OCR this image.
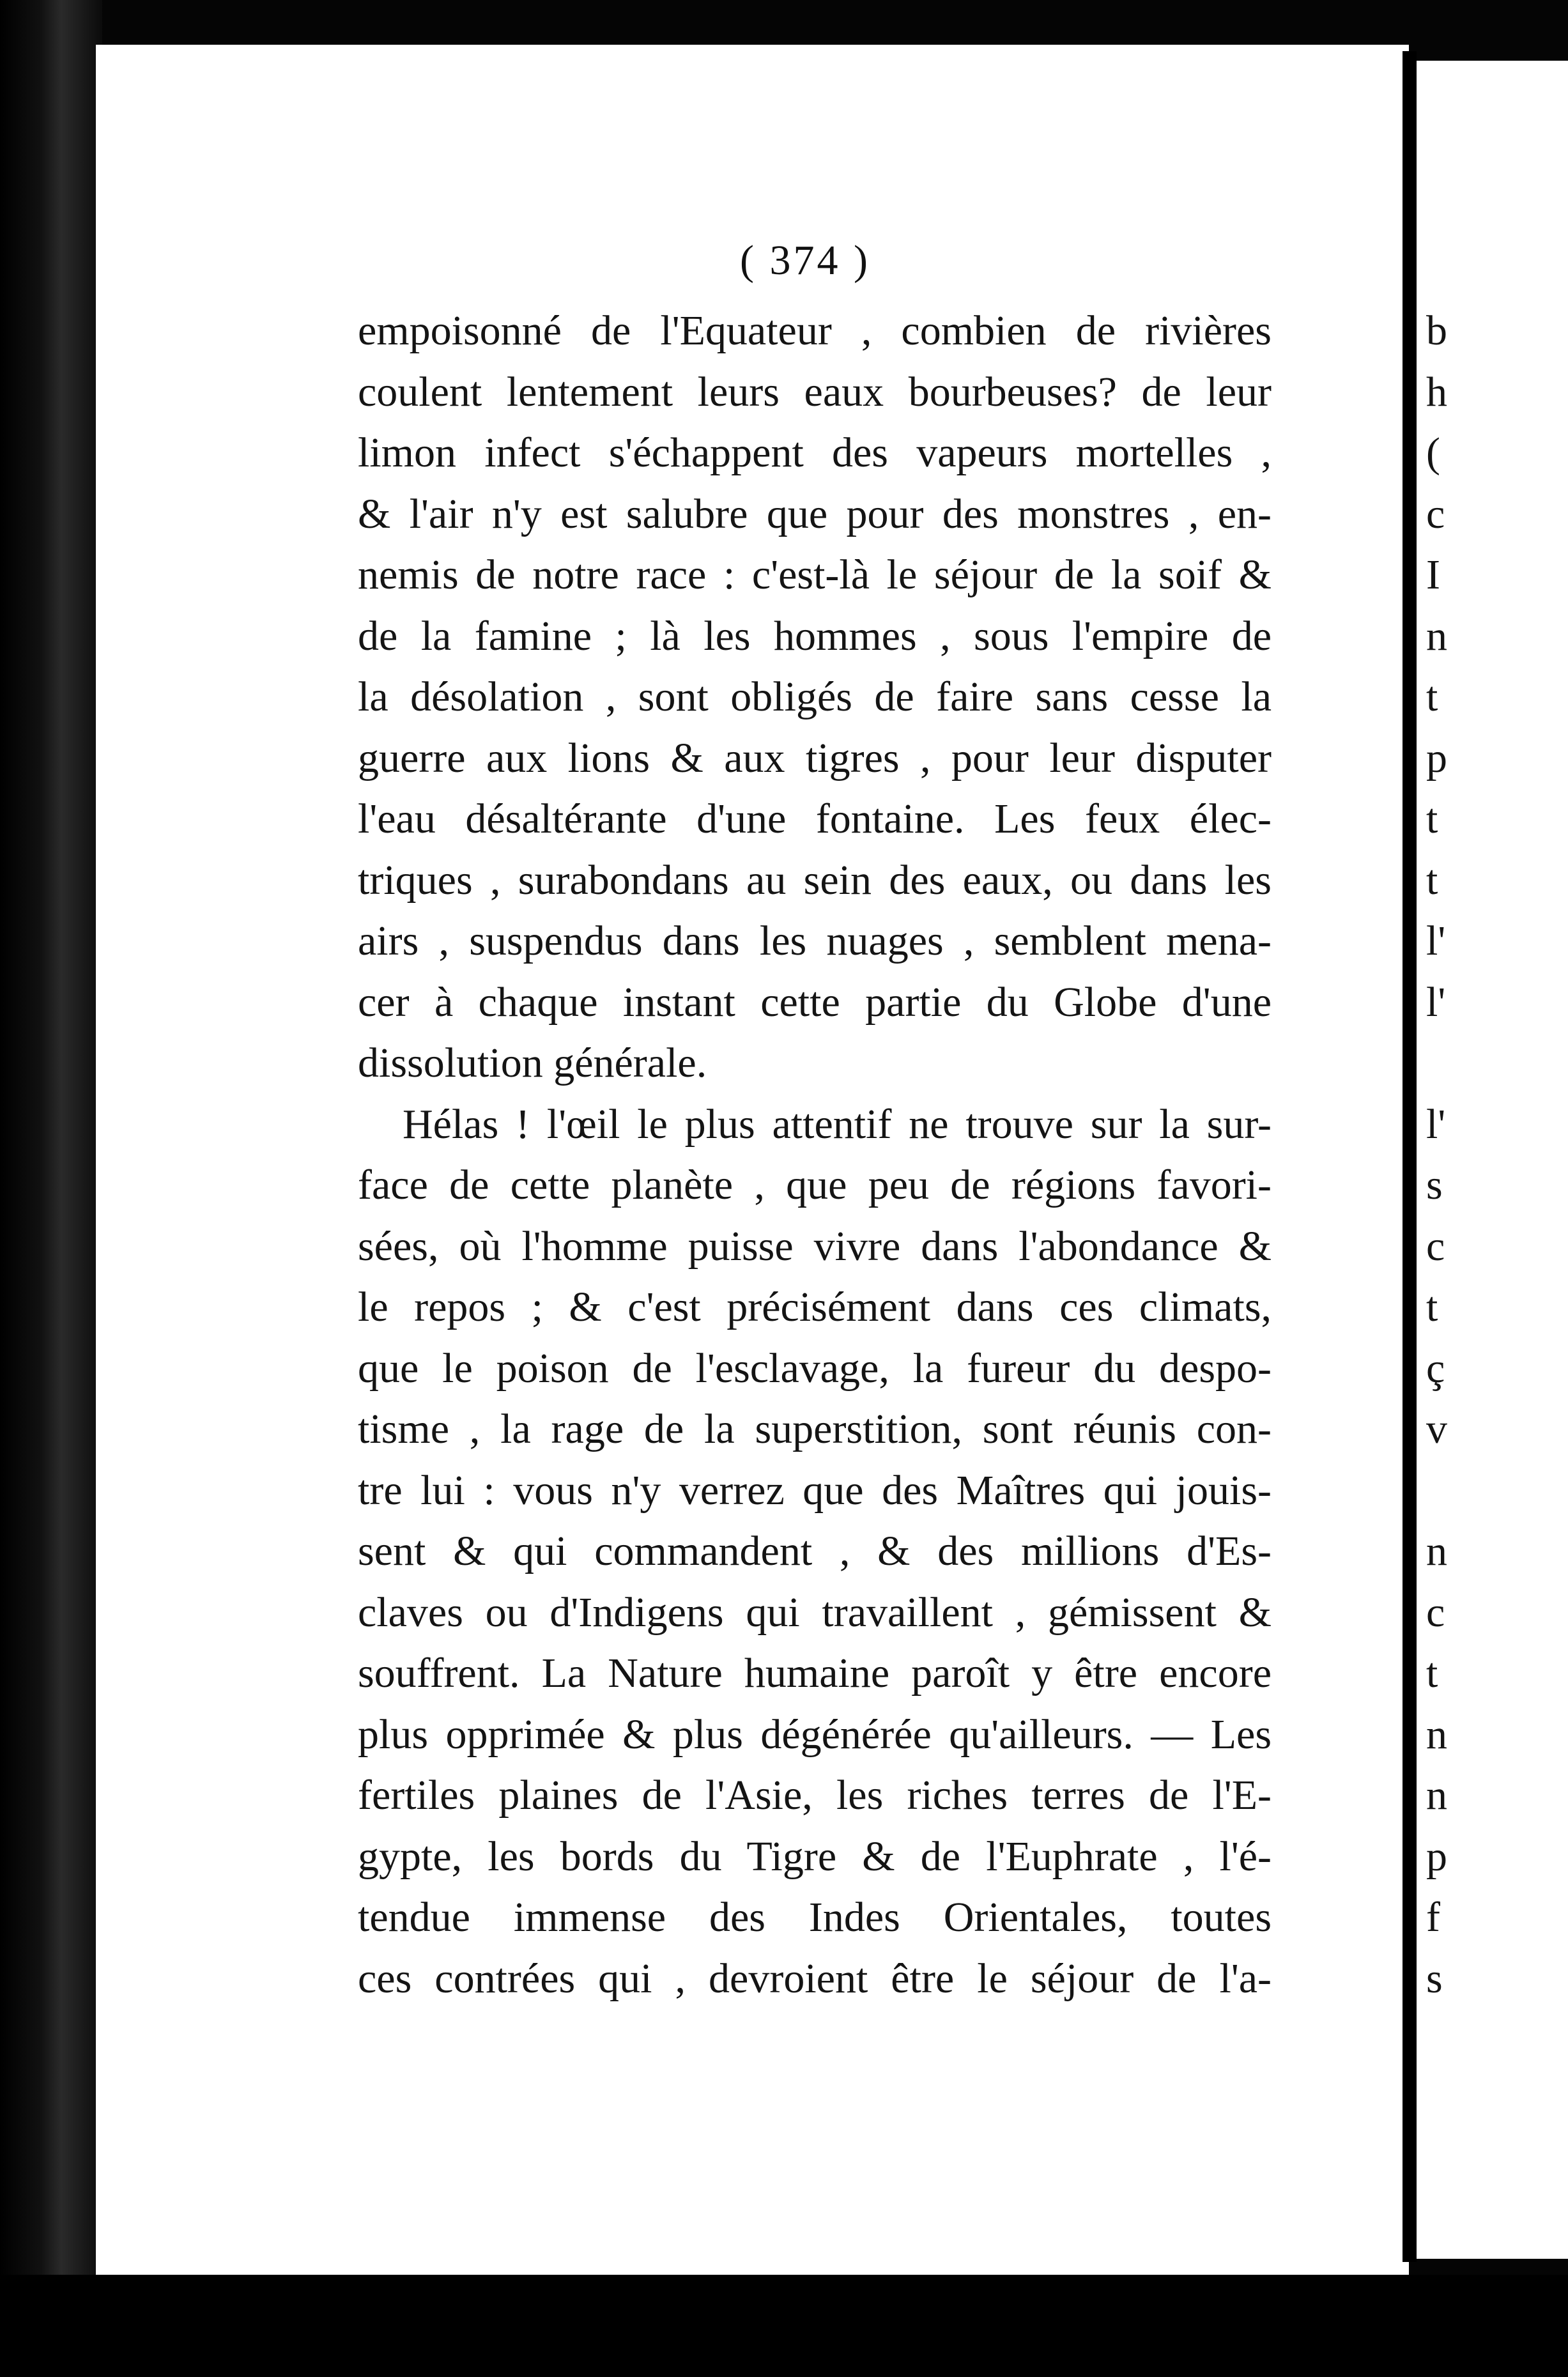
( 374 )
empoisonné de l'Equateur , combien de rivières
coulent lentement leurs eaux bourbeuses? de leur
limon infect s'échappent des vapeurs mortelles ,
& l'air n'y est salubre que pour des monstres , en-
nemis de notre race : c'est-là le séjour de la soif &
de la famine ; là les hommes , sous l'empire de
la désolation , sont obligés de faire sans cesse la
guerre aux lions & aux tigres , pour leur disputer
l'eau désaltérante d'une fontaine. Les feux élec-
triques , surabondans au sein des eaux, ou dans les
airs , suspendus dans les nuages , semblent mena-
cer à chaque instant cette partie du Globe d'une
dissolution générale.
Hélas ! l'œil le plus attentif ne trouve sur la sur-
face de cette planète , que peu de régions favori-
sées, où l'homme puisse vivre dans l'abondance &
le repos ; & c'est précisément dans ces climats,
que le poison de l'esclavage, la fureur du despo-
tisme , la rage de la superstition, sont réunis con-
tre lui : vous n'y verrez que des Maîtres qui jouis-
sent & qui commandent , & des millions d'Es-
claves ou d'Indigens qui travaillent , gémissent &
souffrent. La Nature humaine paroît y être encore
plus opprimée & plus dégénérée qu'ailleurs. — Les
fertiles plaines de l'Asie, les riches terres de l'E-
gypte, les bords du Tigre & de l'Euphrate , l'é-
tendue immense des Indes Orientales, toutes
ces contrées qui , devroient être le séjour de l'a-
b
h
(
c
I
n
t
p
t
t
l'
l'
l'
s
c
t
ç
v
n
c
t
n
n
p
f
s
